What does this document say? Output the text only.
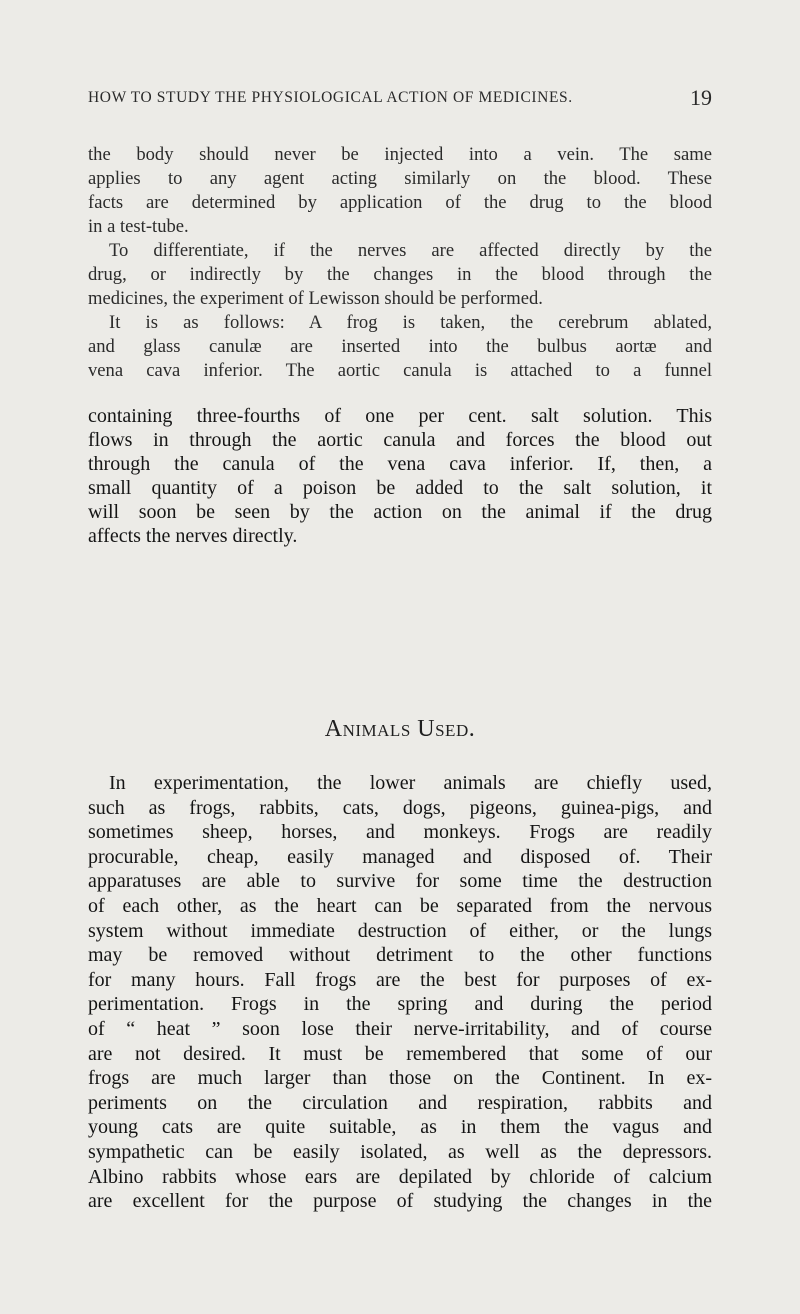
HOW TO STUDY THE PHYSIOLOGICAL ACTION OF MEDICINES.	19
the body should never be injected into a vein. The same
applies to any agent acting similarly on the blood. These
facts are determined by application of the drug to the blood
in a test-tube.
To differentiate, if the nerves are affected directly by the
drug, or indirectly by the changes in the blood through the
medicines, the experiment of Lewisson should be performed.
It is as follows: A frog is taken, the cerebrum ablated,
and glass canulæ are inserted into the bulbus aortæ and
vena cava inferior. The aortic canula is attached to a funnel
containing three-fourths of one per cent. salt solution. This
flows in through the aortic canula and forces the blood out
through the canula of the vena cava inferior. If, then, a
small quantity of a poison be added to the salt solution, it
will soon be seen by the action on the animal if the drug
affects the nerves directly.
Animals Used.
In experimentation, the lower animals are chiefly used,
such as frogs, rabbits, cats, dogs, pigeons, guinea-pigs, and
sometimes sheep, horses, and monkeys. Frogs are readily
procurable, cheap, easily managed and disposed of. Their
apparatuses are able to survive for some time the destruction
of each other, as the heart can be separated from the nervous
system without immediate destruction of either, or the lungs
may be removed without detriment to the other functions
for many hours. Fall frogs are the best for purposes of ex-
perimentation. Frogs in the spring and during the period
of “ heat ” soon lose their nerve-irritability, and of course
are not desired. It must be remembered that some of our
frogs are much larger than those on the Continent. In ex-
periments on the circulation and respiration, rabbits and
young cats are quite suitable, as in them the vagus and
sympathetic can be easily isolated, as well as the depressors.
Albino rabbits whose ears are depilated by chloride of calcium
are excellent for the purpose of studying the changes in the
